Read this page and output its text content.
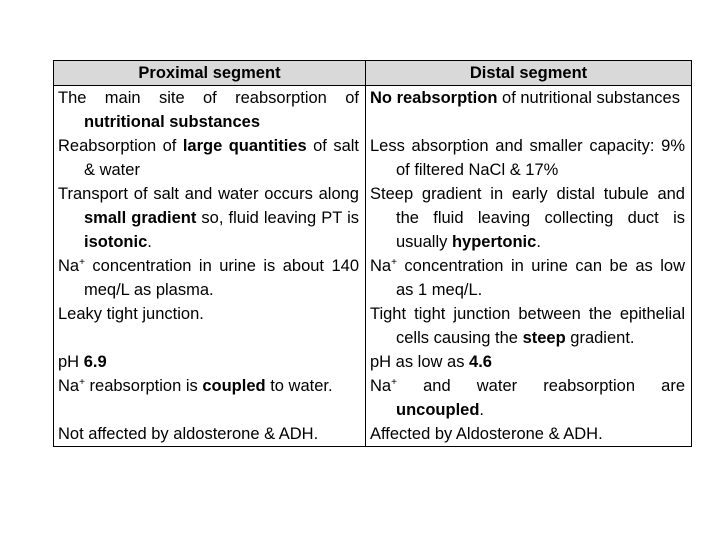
Proximal segment	Distal segment
The main site of reabsorption of nutritional substances	No reabsorption of nutritional substances
Reabsorption of large quantities of salt & water	Less absorption and smaller capacity: 9% of filtered NaCl & 17%
Transport of salt and water occurs along small gradient so, fluid leaving PT is isotonic.	Steep gradient in early distal tubule and the fluid leaving collecting duct is usually hypertonic.
Na+ concentration in urine is about 140 meq/L as plasma.	Na+ concentration in urine can be as low as 1 meq/L.
Leaky tight junction.	Tight tight junction between the epithelial cells causing the steep gradient.
pH 6.9	pH as low as 4.6
Na+ reabsorption is coupled to water.	Na+ and water reabsorption are uncoupled.
Not affected by aldosterone & ADH.	Affected by Aldosterone & ADH.
